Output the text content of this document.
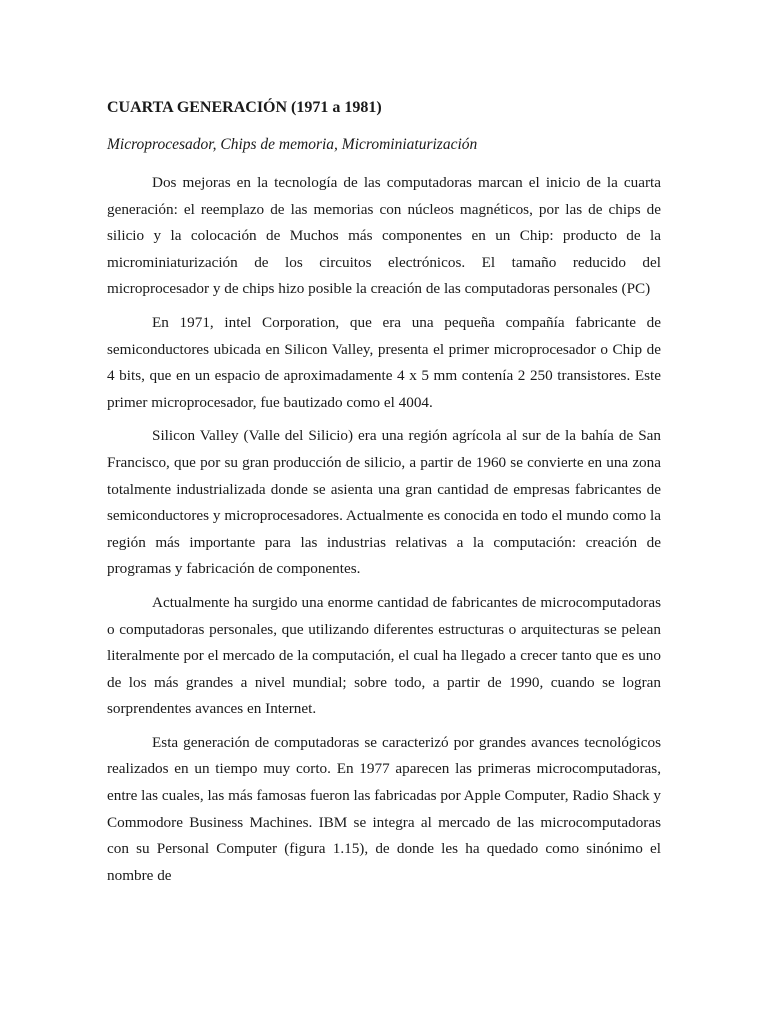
CUARTA GENERACIÓN (1971 a 1981)

Microprocesador, Chips de memoria, Microminiaturización

Dos mejoras en la tecnología de las computadoras marcan el inicio de la cuarta generación: el reemplazo de las memorias con núcleos magnéticos, por las de chips de silicio y la colocación de Muchos más componentes en un Chip: producto de la microminiaturización de los circuitos electrónicos. El tamaño reducido del microprocesador y de chips hizo posible la creación de las computadoras personales (PC)

En 1971, intel Corporation, que era una pequeña compañía fabricante de semiconductores ubicada en Silicon Valley, presenta el primer microprocesador o Chip de 4 bits, que en un espacio de aproximadamente 4 x 5 mm contenía 2 250 transistores. Este primer microprocesador, fue bautizado como el 4004.

Silicon Valley (Valle del Silicio) era una región agrícola al sur de la bahía de San Francisco, que por su gran producción de silicio, a partir de 1960 se convierte en una zona totalmente industrializada donde se asienta una gran cantidad de empresas fabricantes de semiconductores y microprocesadores. Actualmente es conocida en todo el mundo como la región más importante para las industrias relativas a la computación: creación de programas y fabricación de componentes.

Actualmente ha surgido una enorme cantidad de fabricantes de microcomputadoras o computadoras personales, que utilizando diferentes estructuras o arquitecturas se pelean literalmente por el mercado de la computación, el cual ha llegado a crecer tanto que es uno de los más grandes a nivel mundial; sobre todo, a partir de 1990, cuando se logran sorprendentes avances en Internet.

Esta generación de computadoras se caracterizó por grandes avances tecnológicos realizados en un tiempo muy corto. En 1977 aparecen las primeras microcomputadoras, entre las cuales, las más famosas fueron las fabricadas por Apple Computer, Radio Shack y Commodore Business Machines. IBM se integra al mercado de las microcomputadoras con su Personal Computer (figura 1.15), de donde les ha quedado como sinónimo el nombre de
